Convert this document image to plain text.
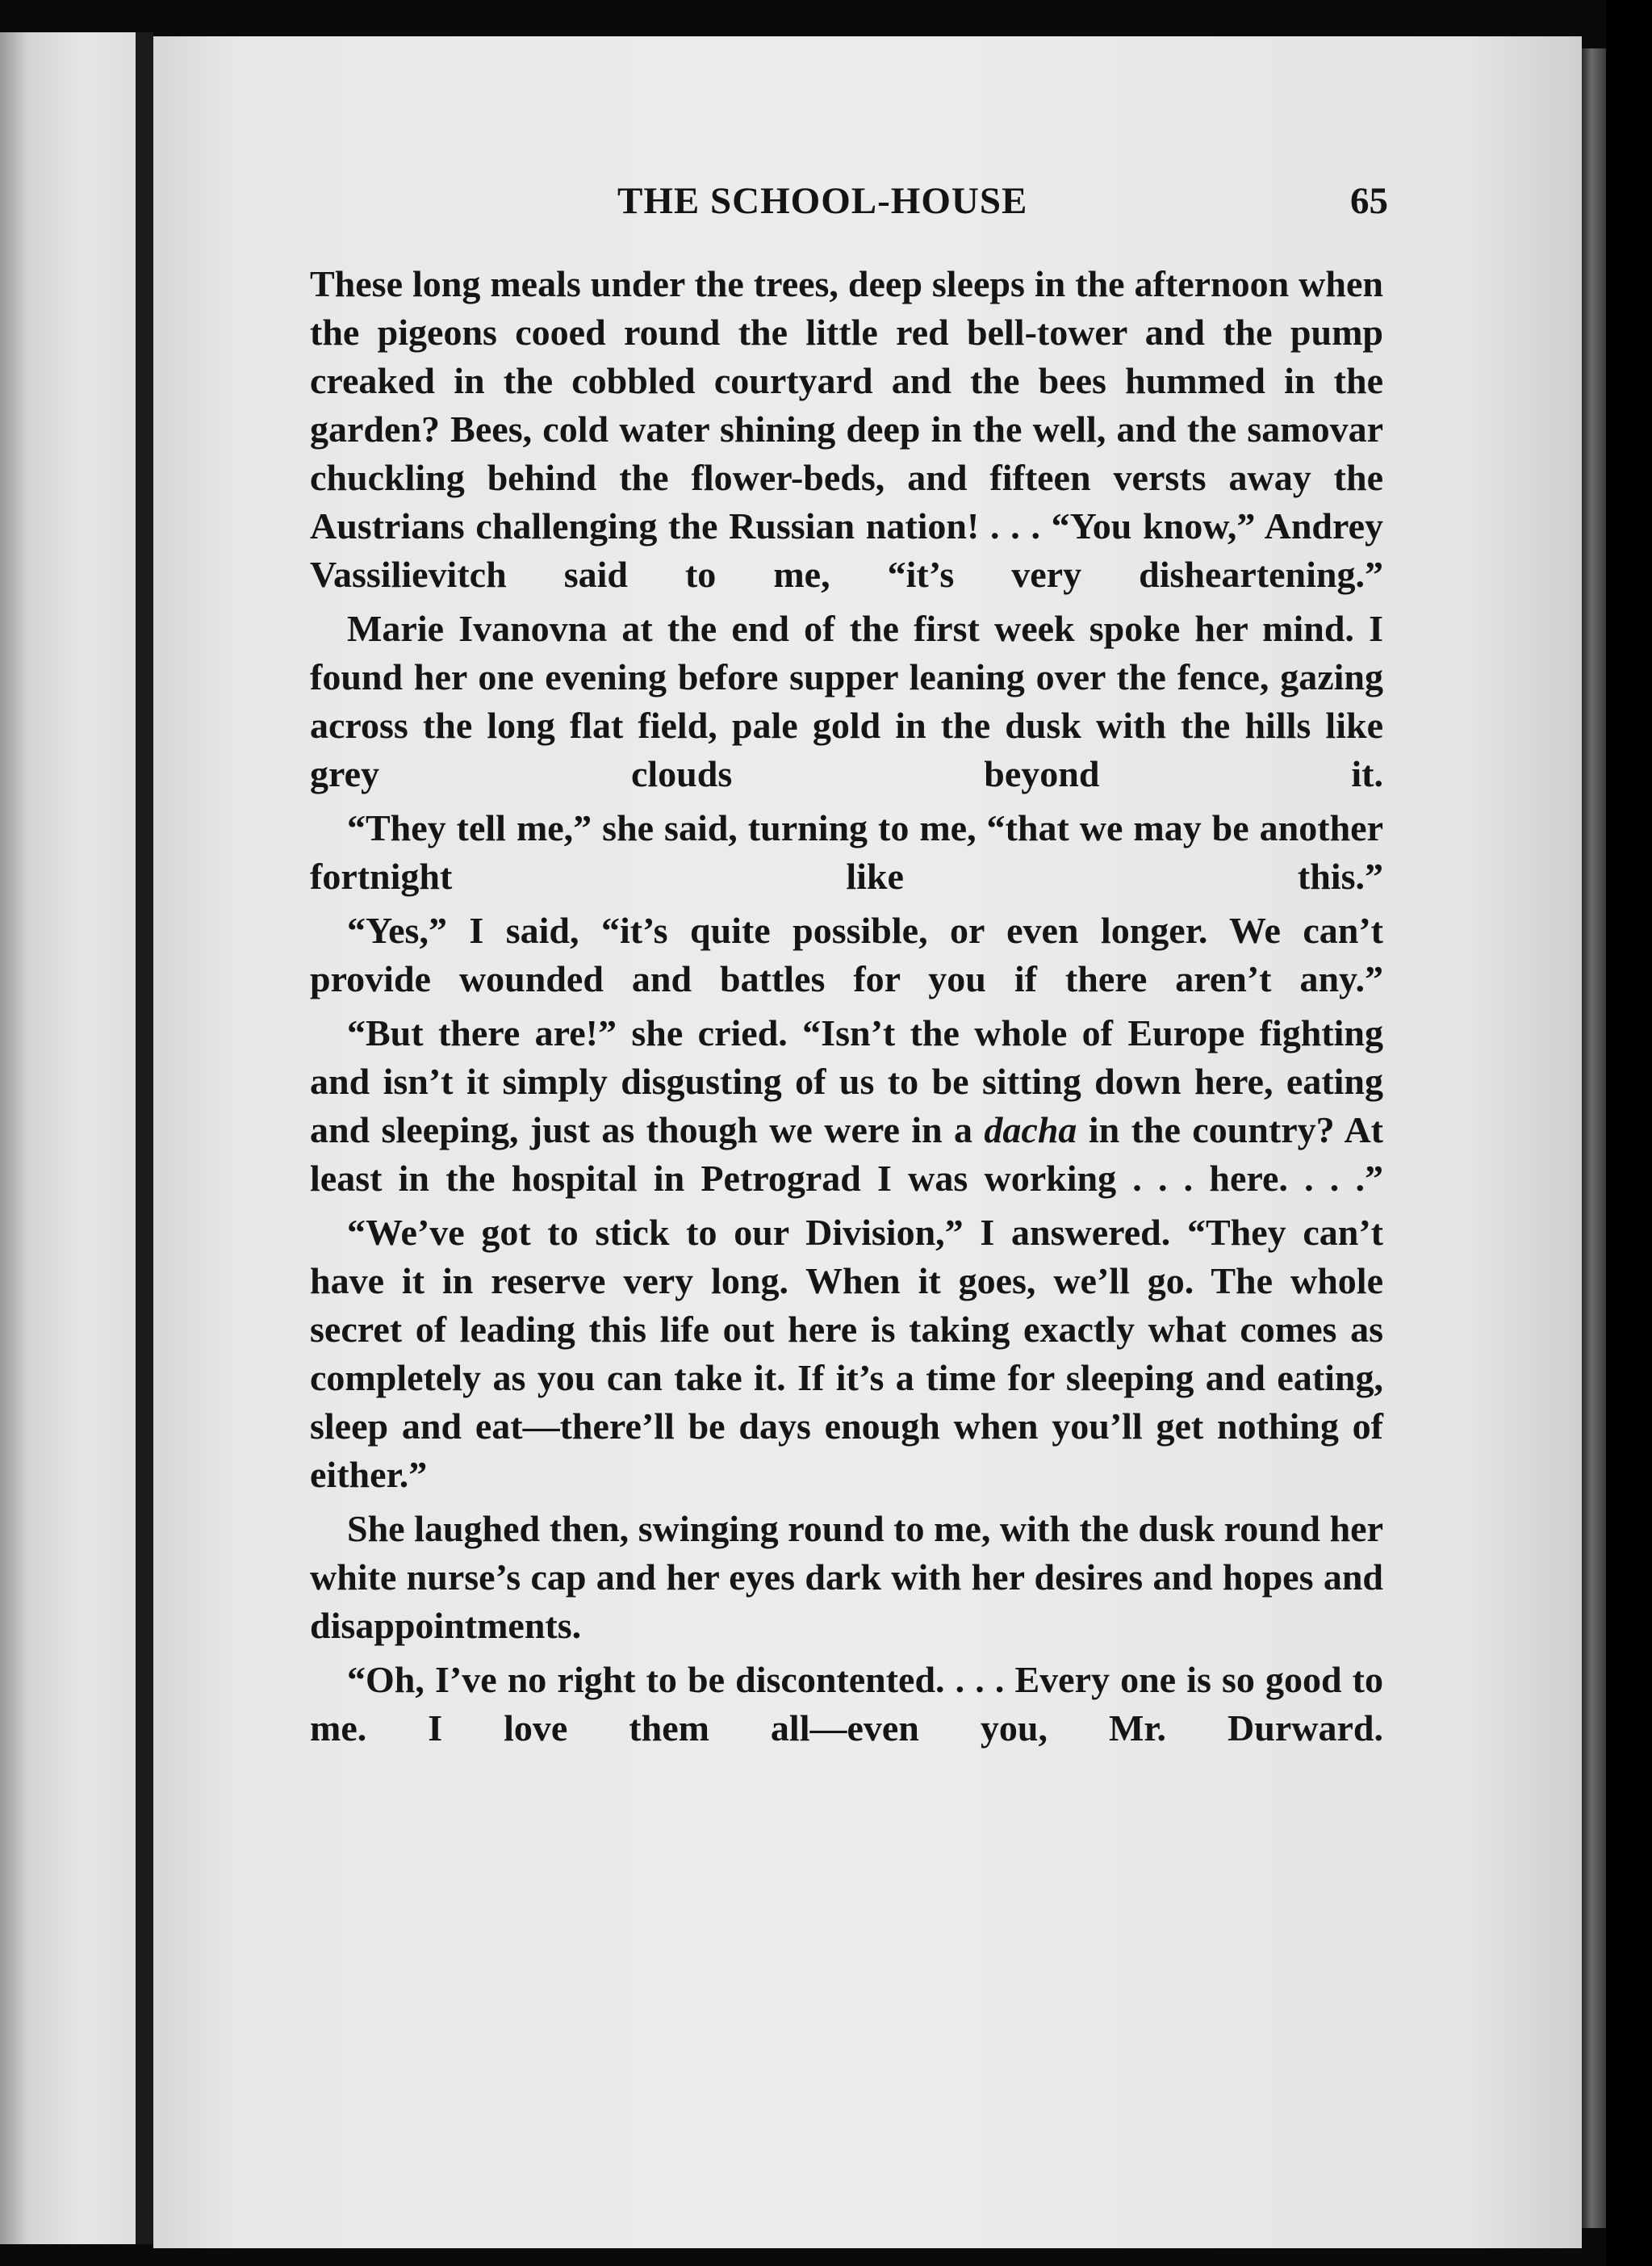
THE SCHOOL-HOUSE	65

These long meals under the trees, deep sleeps in the afternoon when the pigeons cooed round the little red bell-tower and the pump creaked in the cobbled courtyard and the bees hummed in the garden? Bees, cold water shining deep in the well, and the samovar chuckling behind the flower-beds, and fifteen versts away the Austrians challenging the Russian nation! . . . “You know,” Andrey Vassilievitch said to me, “it’s very disheartening.”

Marie Ivanovna at the end of the first week spoke her mind. I found her one evening before supper leaning over the fence, gazing across the long flat field, pale gold in the dusk with the hills like grey clouds beyond it.

“They tell me,” she said, turning to me, “that we may be another fortnight like this.”

“Yes,” I said, “it’s quite possible, or even longer. We can’t provide wounded and battles for you if there aren’t any.”

“But there are!” she cried. “Isn’t the whole of Europe fighting and isn’t it simply disgusting of us to be sitting down here, eating and sleeping, just as though we were in a dacha in the country? At least in the hospital in Petrograd I was working . . . here. . . .”

“We’ve got to stick to our Division,” I answered. “They can’t have it in reserve very long. When it goes, we’ll go. The whole secret of leading this life out here is taking exactly what comes as completely as you can take it. If it’s a time for sleeping and eating, sleep and eat—there’ll be days enough when you’ll get nothing of either.”

She laughed then, swinging round to me, with the dusk round her white nurse’s cap and her eyes dark with her desires and hopes and disappointments.

“Oh, I’ve no right to be discontented. . . . Every one is so good to me. I love them all—even you, Mr. Durward.
